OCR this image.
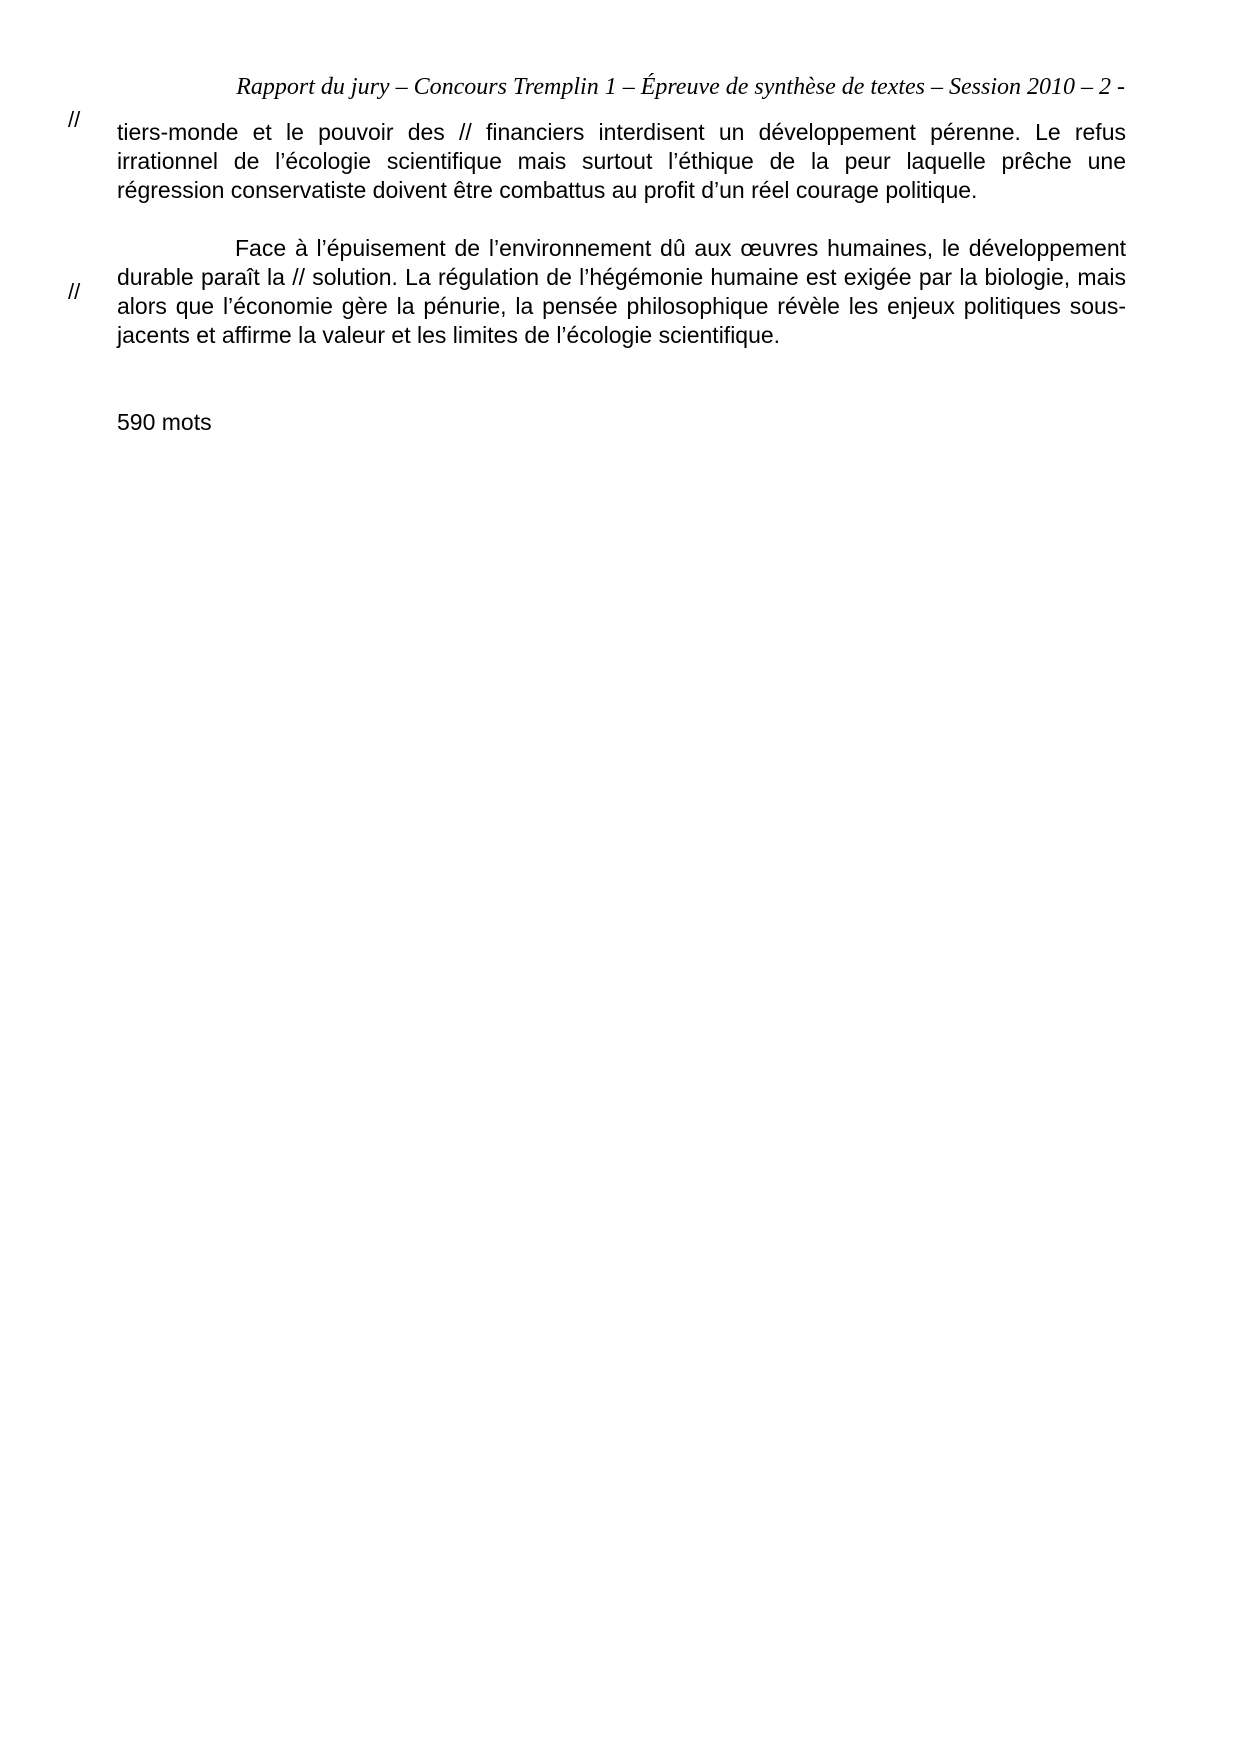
Rapport du jury – Concours Tremplin 1 – Épreuve de synthèse de textes – Session 2010 – 2 -
//
//

tiers-monde et le pouvoir des // financiers interdisent un développement pérenne. Le refus irrationnel de l’écologie scientifique mais surtout l’éthique de la peur laquelle prêche une régression conservatiste doivent être combattus au profit d’un réel courage politique.

Face à l’épuisement de l’environnement dû aux œuvres humaines, le développement durable paraît la // solution. La régulation de l’hégémonie humaine est exigée par la biologie, mais alors que l’économie gère la pénurie, la pensée philosophique révèle les enjeux politiques sous-jacents et affirme la valeur et les limites de l’écologie scientifique.

590 mots
